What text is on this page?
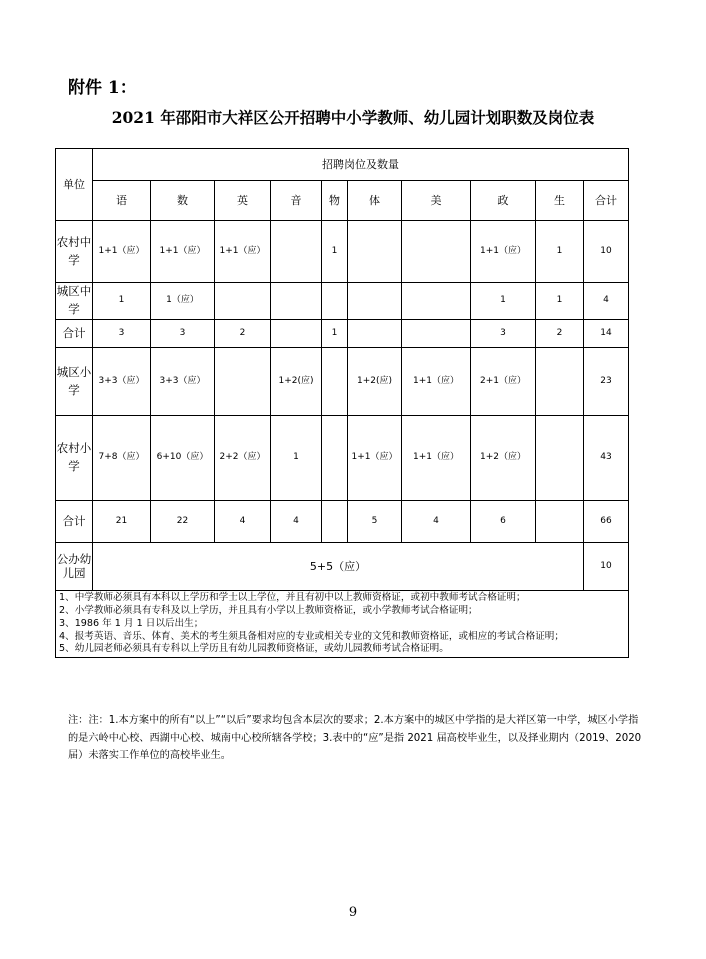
附件 1：
2021 年邵阳市大祥区公开招聘中小学教师、幼儿园计划职数及岗位表
单位	招聘岗位及数量									
	语	数	英	音	物	体	美	政	生	合计
农村中学	1+1（应）	1+1（应）	1+1（应）		1			1+1（应）	1	10
城区中学	1	1（应）						1	1	4
合计	3	3	2		1			3	2	14
城区小学	3+3（应）	3+3（应）		1+2(应)		1+2(应)	1+1（应）	2+1（应）		23
农村小学	7+8（应）	6+10（应）	2+2（应）	1		1+1（应）	1+1（应）	1+2（应）		43
合计	21	22	4	4		5	4	6		66
公办幼儿园	5+5（应）									10

1、中学教师必须具有本科以上学历和学士以上学位，并且有初中以上教师资格证，或初中教师考试合格证明；
2、小学教师必须具有专科及以上学历，并且具有小学以上教师资格证，或小学教师考试合格证明；
3、1986 年 1 月 1 日以后出生；
4、报考英语、音乐、体育、美术的考生须具备相对应的专业或相关专业的文凭和教师资格证，或相应的考试合格证明；
5、幼儿园老师必须具有专科以上学历且有幼儿园教师资格证，或幼儿园教师考试合格证明。										

注：注：1.本方案中的所有“以上”“以后”要求均包含本层次的要求；2.本方案中的城区中学指的是大祥区第一中学，城区小学指的是六岭中心校、西湖中心校、城南中心校所辖各学校；3.表中的“应”是指 2021 届高校毕业生，以及择业期内（2019、2020 届）未落实工作单位的高校毕业生。

9
